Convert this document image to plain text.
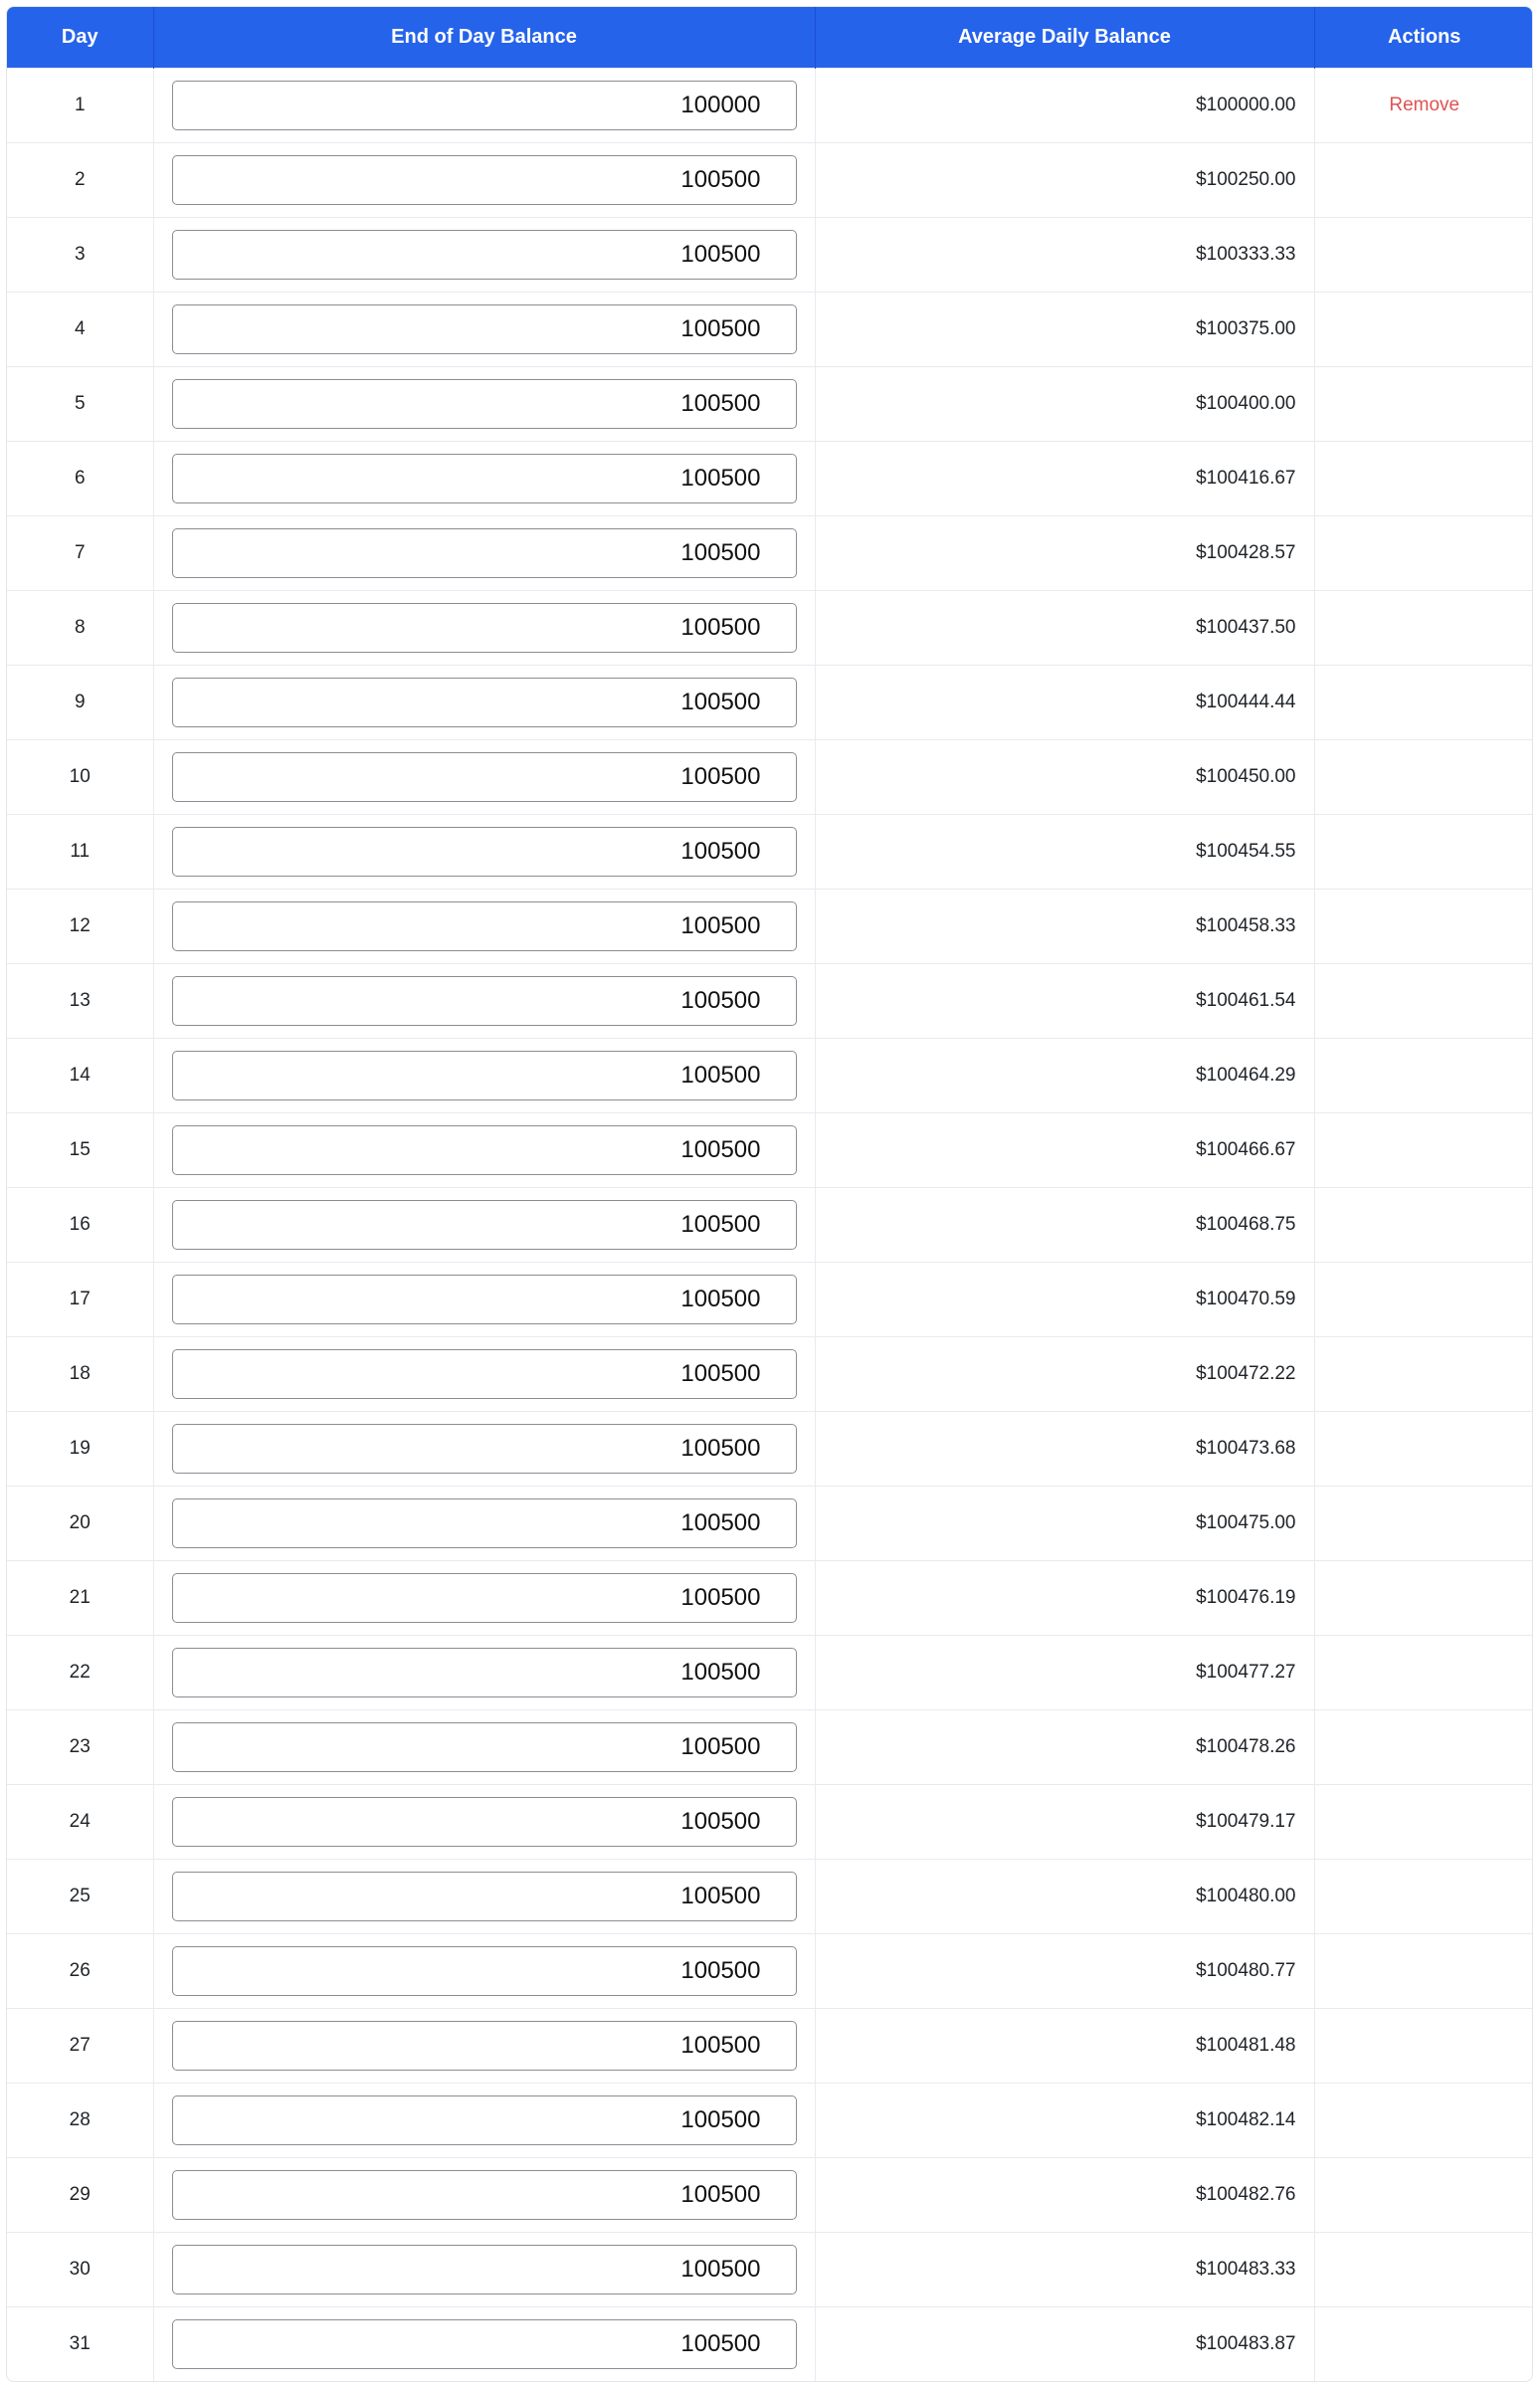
Day	End of Day Balance	Average Daily Balance	Actions
1	100000	$100000.00	Remove
2	100500	$100250.00	
3	100500	$100333.33	
4	100500	$100375.00	
5	100500	$100400.00	
6	100500	$100416.67	
7	100500	$100428.57	
8	100500	$100437.50	
9	100500	$100444.44	
10	100500	$100450.00	
11	100500	$100454.55	
12	100500	$100458.33	
13	100500	$100461.54	
14	100500	$100464.29	
15	100500	$100466.67	
16	100500	$100468.75	
17	100500	$100470.59	
18	100500	$100472.22	
19	100500	$100473.68	
20	100500	$100475.00	
21	100500	$100476.19	
22	100500	$100477.27	
23	100500	$100478.26	
24	100500	$100479.17	
25	100500	$100480.00	
26	100500	$100480.77	
27	100500	$100481.48	
28	100500	$100482.14	
29	100500	$100482.76	
30	100500	$100483.33	
31	100500	$100483.87	
